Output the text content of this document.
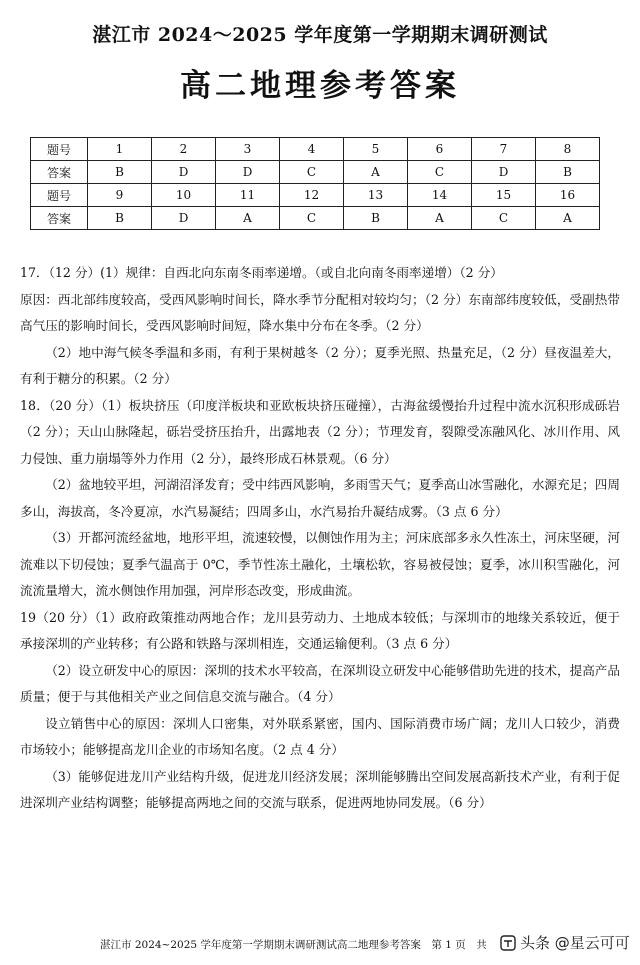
湛江市 2024～2025 学年度第一学期期末调研测试
高二地理参考答案
题号	1	2	3	4	5	6	7	8
答案	B	D	D	C	A	C	D	B
题号	9	10	11	12	13	14	15	16
答案	B	D	A	C	B	A	C	A

17．（12 分）(1）规律：自西北向东南冬雨率递增。（或自北向南冬雨率递增）（2 分）

原因：西北部纬度较高，受西风影响时间长，降水季节分配相对较均匀；（2 分）东南部纬度较低，受副热带高气压的影响时间长，受西风影响时间短，降水集中分布在冬季。（2 分）

（2）地中海气候冬季温和多雨，有利于果树越冬（2 分）；夏季光照、热量充足，（2 分）昼夜温差大，有利于糖分的积累。（2 分）

18．（20 分）（1）板块挤压（印度洋板块和亚欧板块挤压碰撞），古海盆缓慢抬升过程中流水沉积形成砾岩（2 分）；天山山脉隆起，砾岩受挤压抬升，出露地表（2 分）；节理发育，裂隙受冻融风化、冰川作用、风力侵蚀、重力崩塌等外力作用（2 分），最终形成石林景观。（6 分）

（2）盆地较平坦，河湖沼泽发育；受中纬西风影响，多雨雪天气；夏季高山冰雪融化，水源充足；四周多山，海拔高，冬冷夏凉，水汽易凝结；四周多山，水汽易抬升凝结成雾。（3 点 6 分）

（3）开都河流经盆地，地形平坦，流速较慢，以侧蚀作用为主；河床底部多永久性冻土，河床坚硬，河流难以下切侵蚀；夏季气温高于 0℃，季节性冻土融化，土壤松软，容易被侵蚀；夏季，冰川积雪融化，河流流量增大，流水侧蚀作用加强，河岸形态改变，形成曲流。

19（20 分）（1）政府政策推动两地合作；龙川县劳动力、土地成本较低；与深圳市的地缘关系较近，便于承接深圳的产业转移；有公路和铁路与深圳相连，交通运输便利。（3 点 6 分）

（2）设立研发中心的原因：深圳的技术水平较高，在深圳设立研发中心能够借助先进的技术，提高产品质量；便于与其他相关产业之间信息交流与融合。（4 分）

设立销售中心的原因：深圳人口密集，对外联系紧密，国内、国际消费市场广阔；龙川人口较少，消费市场较小；能够提高龙川企业的市场知名度。（2 点 4 分）

（3）能够促进龙川产业结构升级，促进龙川经济发展；深圳能够腾出空间发展高新技术产业，有利于促进深圳产业结构调整；能够提高两地之间的交流与联系，促进两地协同发展。（6 分）

湛江市 2024~2025 学年度第一学期期末调研测试高二地理参考答案　第 1 页　共 头条 @星云可可
